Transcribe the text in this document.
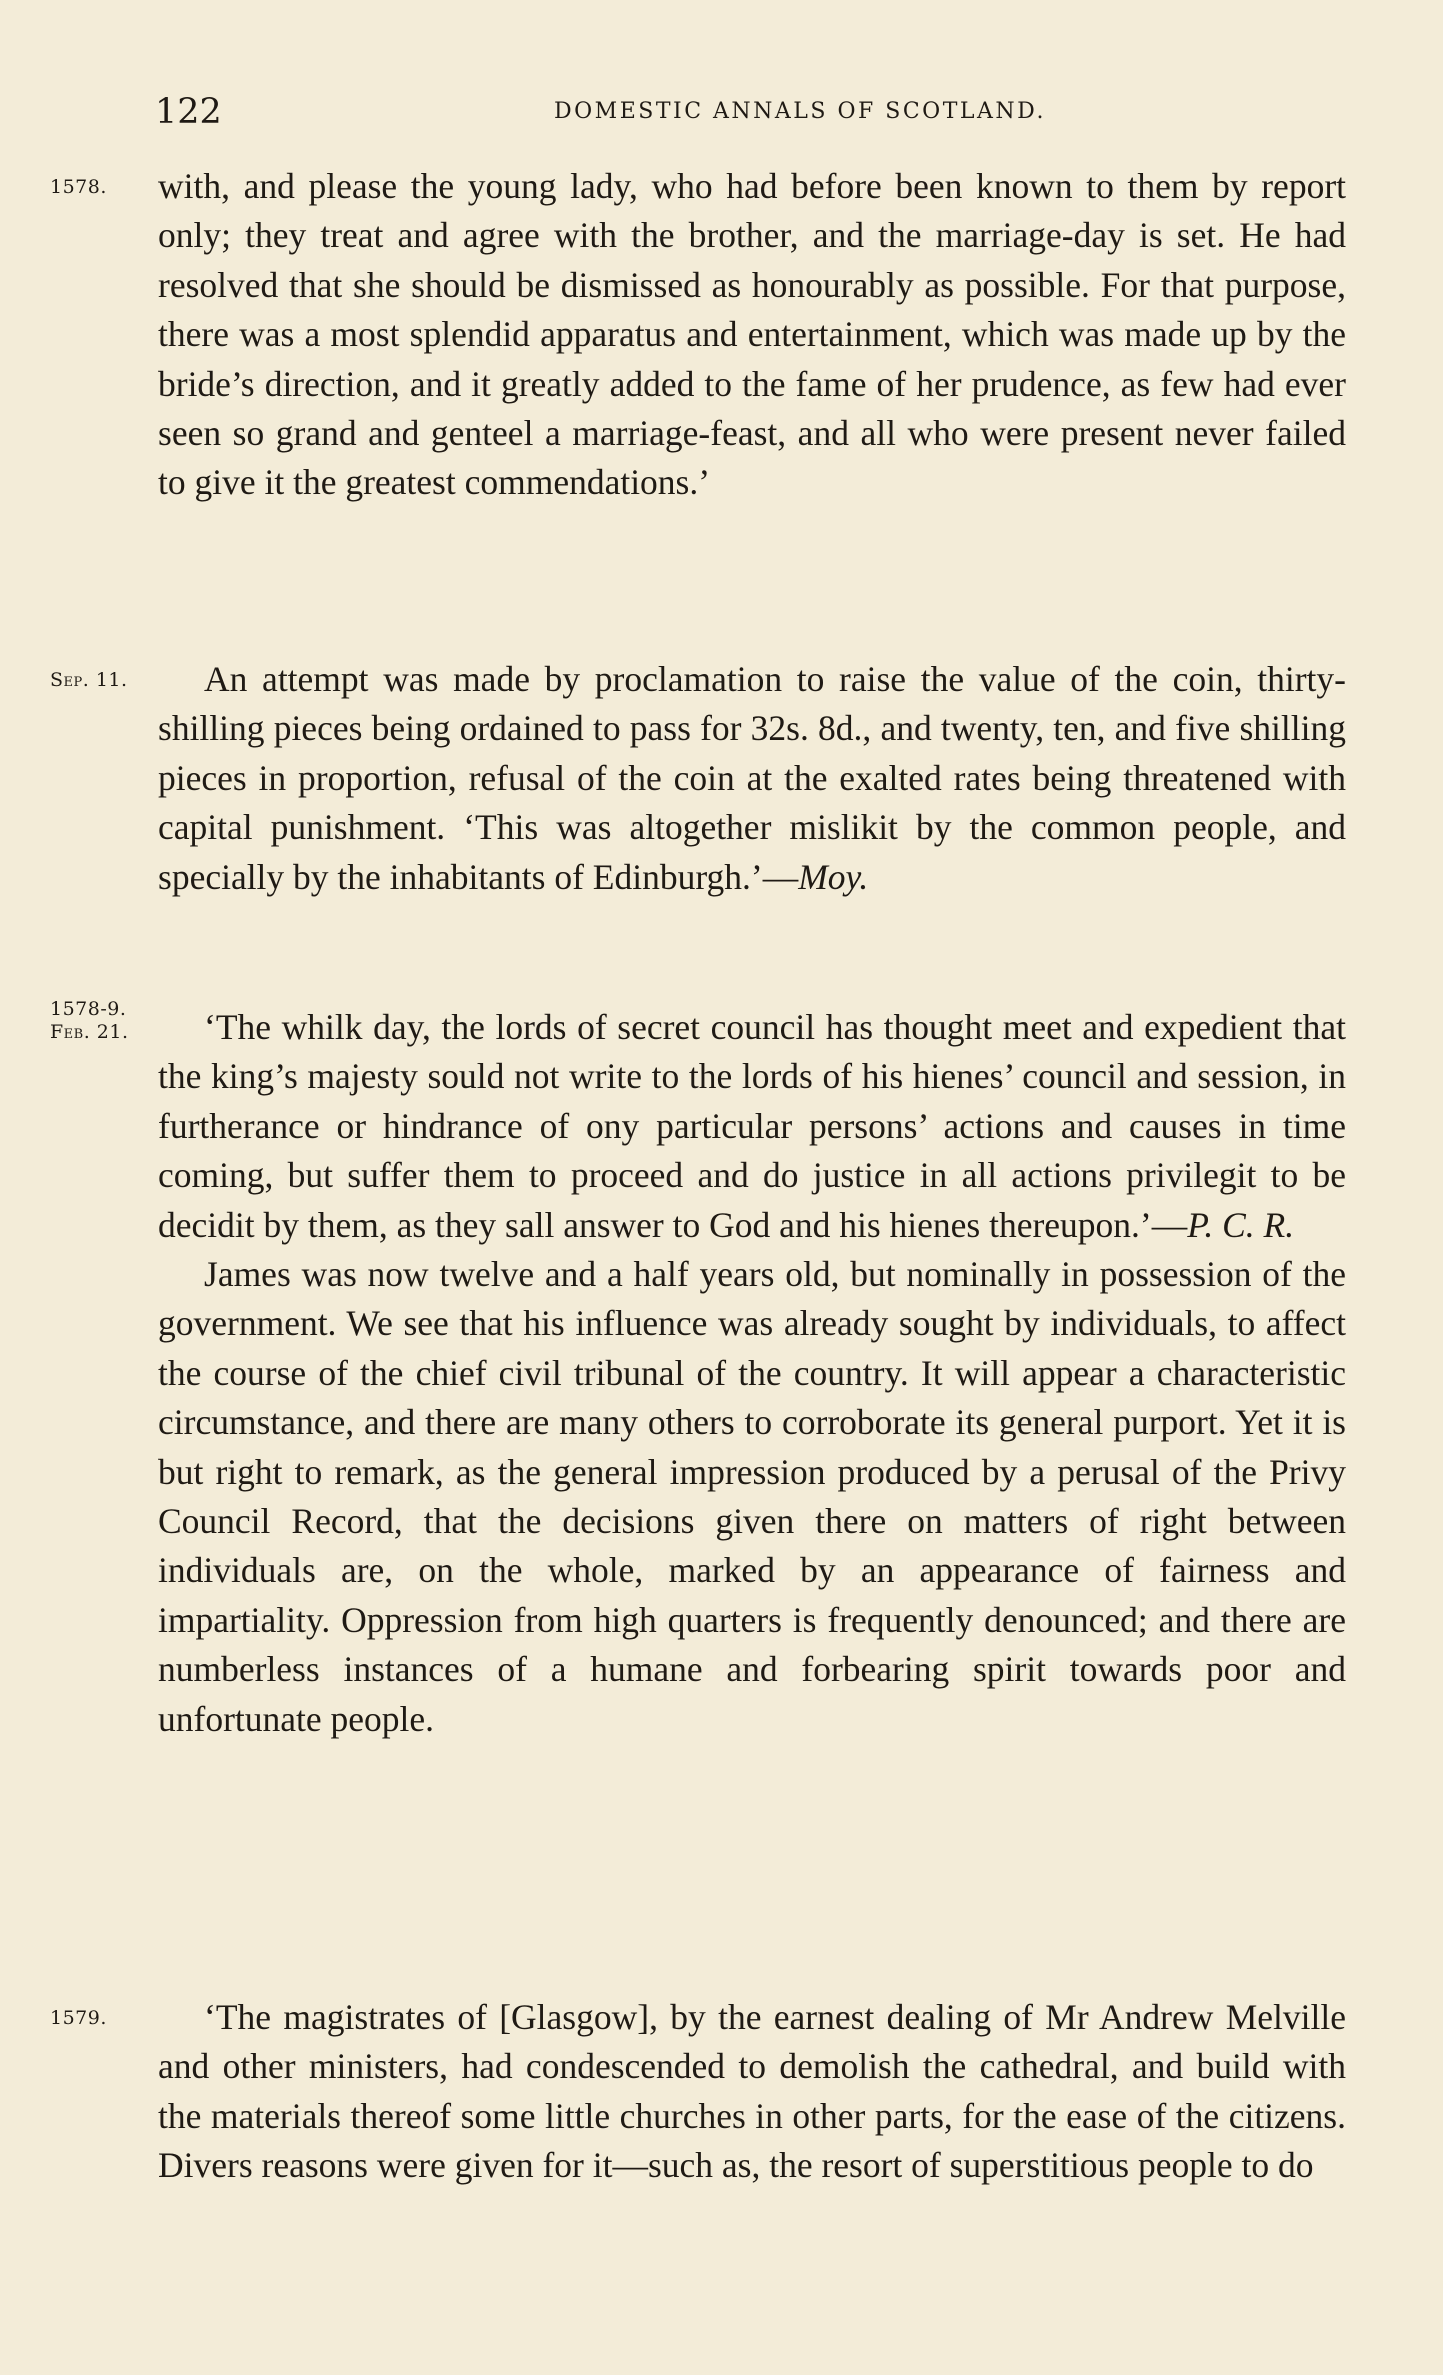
122	DOMESTIC ANNALS OF SCOTLAND.
1578.	with, and please the young lady, who had before been known to them by report only; they treat and agree with the brother, and the marriage-day is set. He had resolved that she should be dismissed as honourably as possible. For that purpose, there was a most splendid apparatus and entertainment, which was made up by the bride’s direction, and it greatly added to the fame of her prudence, as few had ever seen so grand and genteel a marriage-feast, and all who were present never failed to give it the greatest commendations.’

Sep. 11.	An attempt was made by proclamation to raise the value of the coin, thirty-shilling pieces being ordained to pass for 32s. 8d., and twenty, ten, and five shilling pieces in proportion, refusal of the coin at the exalted rates being threatened with capital punishment. ‘This was altogether mislikit by the common people, and specially by the inhabitants of Edinburgh.’—Moy.

1578-9.
Feb. 21.	‘The whilk day, the lords of secret council has thought meet and expedient that the king’s majesty sould not write to the lords of his hienes’ council and session, in furtherance or hindrance of ony particular persons’ actions and causes in time coming, but suffer them to proceed and do justice in all actions privilegit to be decidit by them, as they sall answer to God and his hienes thereupon.’—P. C. R.

James was now twelve and a half years old, but nominally in possession of the government. We see that his influence was already sought by individuals, to affect the course of the chief civil tribunal of the country. It will appear a characteristic circumstance, and there are many others to corroborate its general purport. Yet it is but right to remark, as the general impression produced by a perusal of the Privy Council Record, that the decisions given there on matters of right between individuals are, on the whole, marked by an appearance of fairness and impartiality. Oppression from high quarters is frequently denounced; and there are numberless instances of a humane and forbearing spirit towards poor and unfortunate people.

1579.	‘The magistrates of [Glasgow], by the earnest dealing of Mr Andrew Melville and other ministers, had condescended to demolish the cathedral, and build with the materials thereof some little churches in other parts, for the ease of the citizens. Divers reasons were given for it—such as, the resort of superstitious people to do
